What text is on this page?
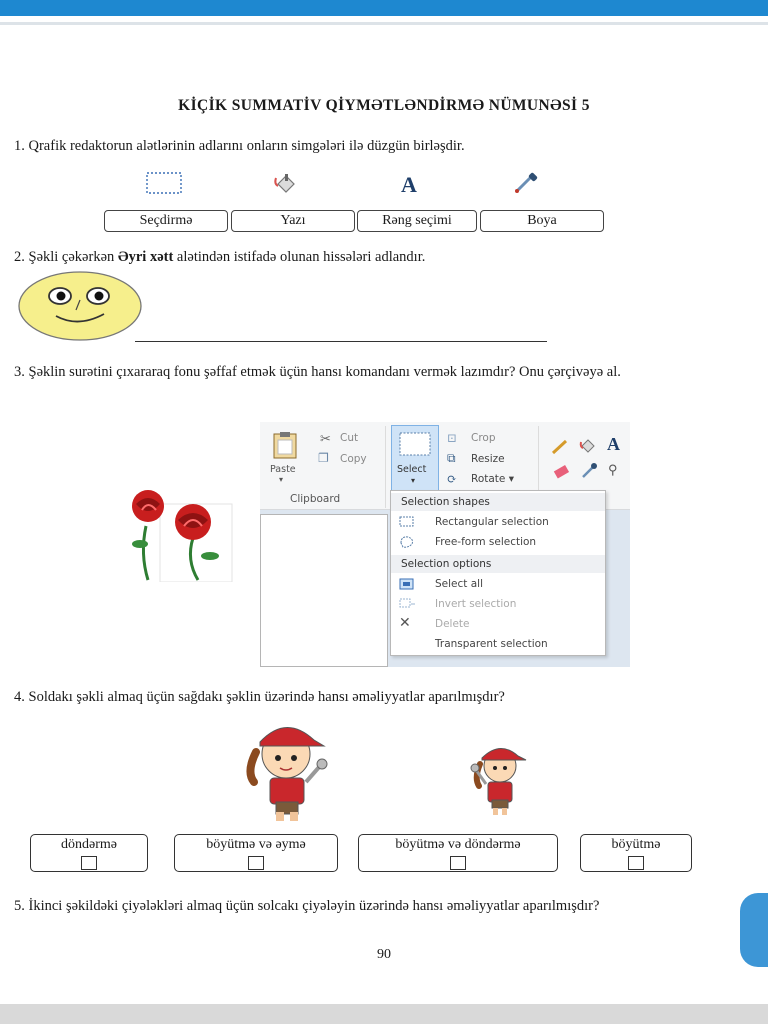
KİÇİK SUMMATİV QİYMƏTLƏNDİRMƏ NÜMUNƏSİ 5
1. Qrafik redaktorun alətlərinin adlarını onların simgələri ilə düzgün birləşdir.
A
Seçdirmə	Yazı	Rəng seçimi	Boya
2. Şəkli çəkərkən Əyri xətt alətindən istifadə olunan hissələri adlandır.
3. Şəklin surətini çıxararaq fonu şəffaf etmək üçün hansı komandanı vermək lazımdır? Onu çərçivəyə al.
Paste
▾
✂ Cut
❐ Copy
Clipboard
Select
▾
⊡ Crop
⧉ Resize
⟳ Rotate ▾
A
⚲
Selection shapes
Rectangular selection
Free-form selection
Selection options
Select all
Invert selection
✕ Delete
Transparent selection
4. Soldakı şəkli almaq üçün sağdakı şəklin üzərində hansı əməliyyatlar aparılmışdır?
döndərmə	böyütmə və əymə	böyütmə və döndərmə	böyütmə
5. İkinci şəkildəki çiyələkləri almaq üçün solcakı çiyələyin üzərində hansı əməliyyatlar aparılmışdır?
90
